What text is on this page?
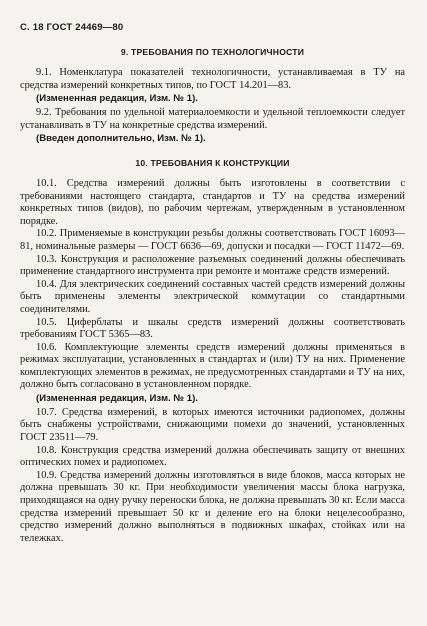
С. 18 ГОСТ 24469—80
9. ТРЕБОВАНИЯ ПО ТЕХНОЛОГИЧНОСТИ

9.1. Номенклатура показателей технологичности, устанавливаемая в ТУ на средства измерений конкретных типов, по ГОСТ 14.201—83.

(Измененная редакция, Изм. № 1).

9.2. Требования по удельной материалоемкости и удельной теплоемкости следует устанавливать в ТУ на конкретные средства измерений.

(Введен дополнительно, Изм. № 1).
10. ТРЕБОВАНИЯ К КОНСТРУКЦИИ

10.1. Средства измерений должны быть изготовлены в соответствии с требованиями настоящего стандарта, стандартов и ТУ на средства измерений конкретных типов (видов), по рабочим чертежам, утвержденным в установленном порядке.

10.2. Применяемые в конструкции резьбы должны соответствовать ГОСТ 16093—81, номинальные размеры — ГОСТ 6636—69, допуски и посадки — ГОСТ 11472—69.

10.3. Конструкция и расположение разъемных соединений должны обеспечивать применение стандартного инструмента при ремонте и монтаже средств измерений.

10.4. Для электрических соединений составных частей средств измерений должны быть применены элементы электрической коммутации со стандартными соединителями.

10.5. Циферблаты и шкалы средств измерений должны соответствовать требованиям ГОСТ 5365—83.

10.6. Комплектующие элементы средств измерений должны применяться в режимах эксплуатации, установленных в стандартах и (или) ТУ на них. Применение комплектующих элементов в режимах, не предусмотренных стандартами и ТУ на них, должно быть согласовано в установленном порядке.

(Измененная редакция, Изм. № 1).

10.7. Средства измерений, в которых имеются источники радиопомех, должны быть снабжены устройствами, снижающими помехи до значений, установленных ГОСТ 23511—79.

10.8. Конструкция средства измерений должна обеспечивать защиту от внешних оптических помех и радиопомех.

10.9. Средства измерений должны изготовляться в виде блоков, масса которых не должна превышать 30 кг. При необходимости увеличения массы блока нагрузка, приходящаяся на одну ручку переноски блока, не должна превышать 30 кг. Если масса средства измерений превышает 50 кг и деление его на блоки нецелесообразно, средство измерений должно выполняться в подвижных шкафах, стойках или на тележках.
